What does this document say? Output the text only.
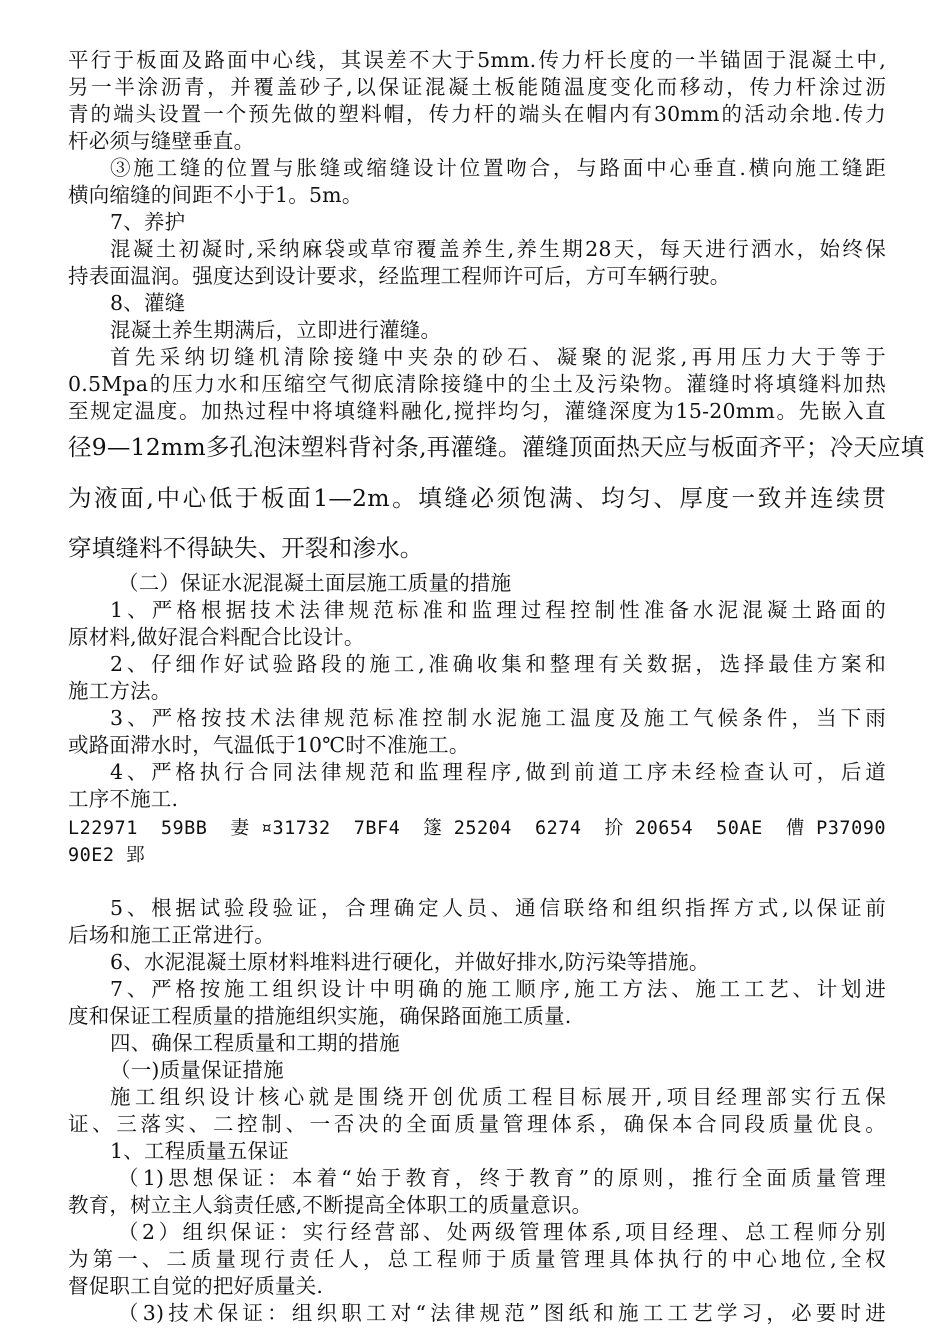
平行于板面及路面中心线，其误差不大于5mm.传力杆长度的一半锚固于混凝土中,
另一半涂沥青，并覆盖砂子,以保证混凝土板能随温度变化而移动，传力杆涂过沥
青的端头设置一个预先做的塑料帽，传力杆的端头在帽内有30mm的活动余地.传力
杆必须与缝壁垂直。
③施工缝的位置与胀缝或缩缝设计位置吻合，与路面中心垂直.横向施工缝距
横向缩缝的间距不小于1。5m。
7、养护
混凝土初凝时,采纳麻袋或草帘覆盖养生,养生期28天，每天进行洒水，始终保
持表面温润。强度达到设计要求，经监理工程师许可后，方可车辆行驶。
8、灌缝
混凝土养生期满后，立即进行灌缝。
首先采纳切缝机清除接缝中夹杂的砂石、凝聚的泥浆,再用压力大于等于
0.5Mpa的压力水和压缩空气彻底清除接缝中的尘土及污染物。灌缝时将填缝料加热
至规定温度。加热过程中将填缝料融化,搅拌均匀，灌缝深度为15-20mm。先嵌入直
径9—12mm多孔泡沫塑料背衬条,再灌缝。灌缝顶面热天应与板面齐平；冷天应填
为液面,中心低于板面1—2m。填缝必须饱满、均匀、厚度一致并连续贯
穿填缝料不得缺失、开裂和渗水。
（二）保证水泥混凝土面层施工质量的措施
1、严格根据技术法律规范标准和监理过程控制性准备水泥混凝土路面的
原材料,做好混合料配合比设计。
2、仔细作好试验路段的施工,准确收集和整理有关数据，选择最佳方案和
施工方法。
3、严格按技术法律规范标准控制水泥施工温度及施工气候条件，当下雨
或路面滞水时，气温低于10℃时不准施工。
4、严格执行合同法律规范和监理程序,做到前道工序未经检查认可，后道
工序不施工.
L22971 59BB 妻¤31732 7BF4 篴25204 6274 扴20654 50AE 傮P37090
90E2 郢
5、根据试验段验证，合理确定人员、通信联络和组织指挥方式,以保证前
后场和施工正常进行。
6、水泥混凝土原材料堆料进行硬化，并做好排水,防污染等措施。
7、严格按施工组织设计中明确的施工顺序,施工方法、施工工艺、计划进
度和保证工程质量的措施组织实施，确保路面施工质量.
四、确保工程质量和工期的措施
（一)质量保证措施
施工组织设计核心就是围绕开创优质工程目标展开,项目经理部实行五保
证、三落实、二控制、一否决的全面质量管理体系，确保本合同段质量优良。
1、工程质量五保证
（1)思想保证：本着“始于教育，终于教育”的原则，推行全面质量管理
教育，树立主人翁责任感,不断提高全体职工的质量意识。
（2）组织保证：实行经营部、处两级管理体系,项目经理、总工程师分别
为第一、二质量现行责任人，总工程师于质量管理具体执行的中心地位,全权
督促职工自觉的把好质量关.
（3)技术保证：组织职工对“法律规范”图纸和施工工艺学习，必要时进
